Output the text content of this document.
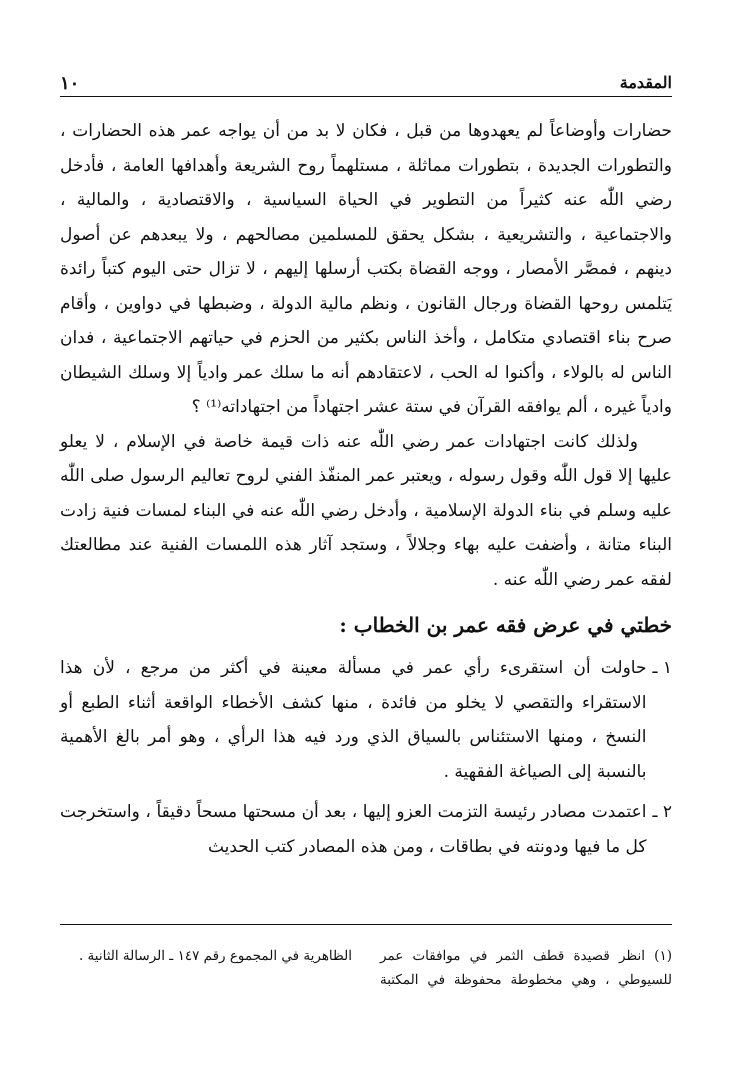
المقدمة
١٠

حضارات وأوضاعاً لم يعهدوها من قبل ، فكان لا بد من أن يواجه عمر هذه الحضارات ، والتطورات الجديدة ، بتطورات مماثلة ، مستلهماً روح الشريعة وأهدافها العامة ، فأدخل رضي اللّٰه عنه كثيراً من التطوير في الحياة السياسية ، والاقتصادية ، والمالية ، والاجتماعية ، والتشريعية ، بشكل يحقق للمسلمين مصالحهم ، ولا يبعدهم عن أصول دينهم ، فمصَّر الأمصار ، ووجه القضاة بكتب أرسلها إليهم ، لا تزال حتى اليوم كتباً رائدة يَتلمس روحها القضاة ورجال القانون ، ونظم مالية الدولة ، وضبطها في دواوين ، وأقام صرح بناء اقتصادي متكامل ، وأخذ الناس بكثير من الحزم في حياتهم الاجتماعية ، فدان الناس له بالولاء ، وأكنوا له الحب ، لاعتقادهم أنه ما سلك عمر وادياً إلا وسلك الشيطان وادياً غيره ، ألم يوافقه القرآن في ستة عشر اجتهاداً من اجتهاداته⁽¹⁾ ؟

ولذلك كانت اجتهادات عمر رضي اللّٰه عنه ذات قيمة خاصة في الإسلام ، لا يعلو عليها إلا قول اللّٰه وقول رسوله ، ويعتبر عمر المنفّذ الفني لروح تعاليم الرسول صلى اللّٰه عليه وسلم في بناء الدولة الإسلامية ، وأدخل رضي اللّٰه عنه في البناء لمسات فنية زادت البناء متانة ، وأضفت عليه بهاء وجلالاً ، وستجد آثار هذه اللمسات الفنية عند مطالعتك لفقه عمر رضي اللّٰه عنه .

خطتي في عرض فقه عمر بن الخطاب :
١ ـ
حاولت أن استقرىء رأي عمر في مسألة معينة في أكثر من مرجع ، لأن هذا الاستقراء والتقصي لا يخلو من فائدة ، منها كشف الأخطاء الواقعة أثناء الطبع أو النسخ ، ومنها الاستئناس بالسياق الذي ورد فيه هذا الرأي ، وهو أمر بالغ الأهمية بالنسبة إلى الصياغة الفقهية .
٢ ـ
اعتمدت مصادر رئيسة التزمت العزو إليها ، بعد أن مسحتها مسحاً دقيقاً ، واستخرجت كل ما فيها ودونته في بطاقات ، ومن هذه المصادر كتب الحديث
(١) انظر قصيدة قطف الثمر في موافقات عمر للسيوطي ، وهي مخطوطة محفوظة في المكتبة الظاهرية في المجموع رقم ١٤٧ ـ الرسالة الثانية .
